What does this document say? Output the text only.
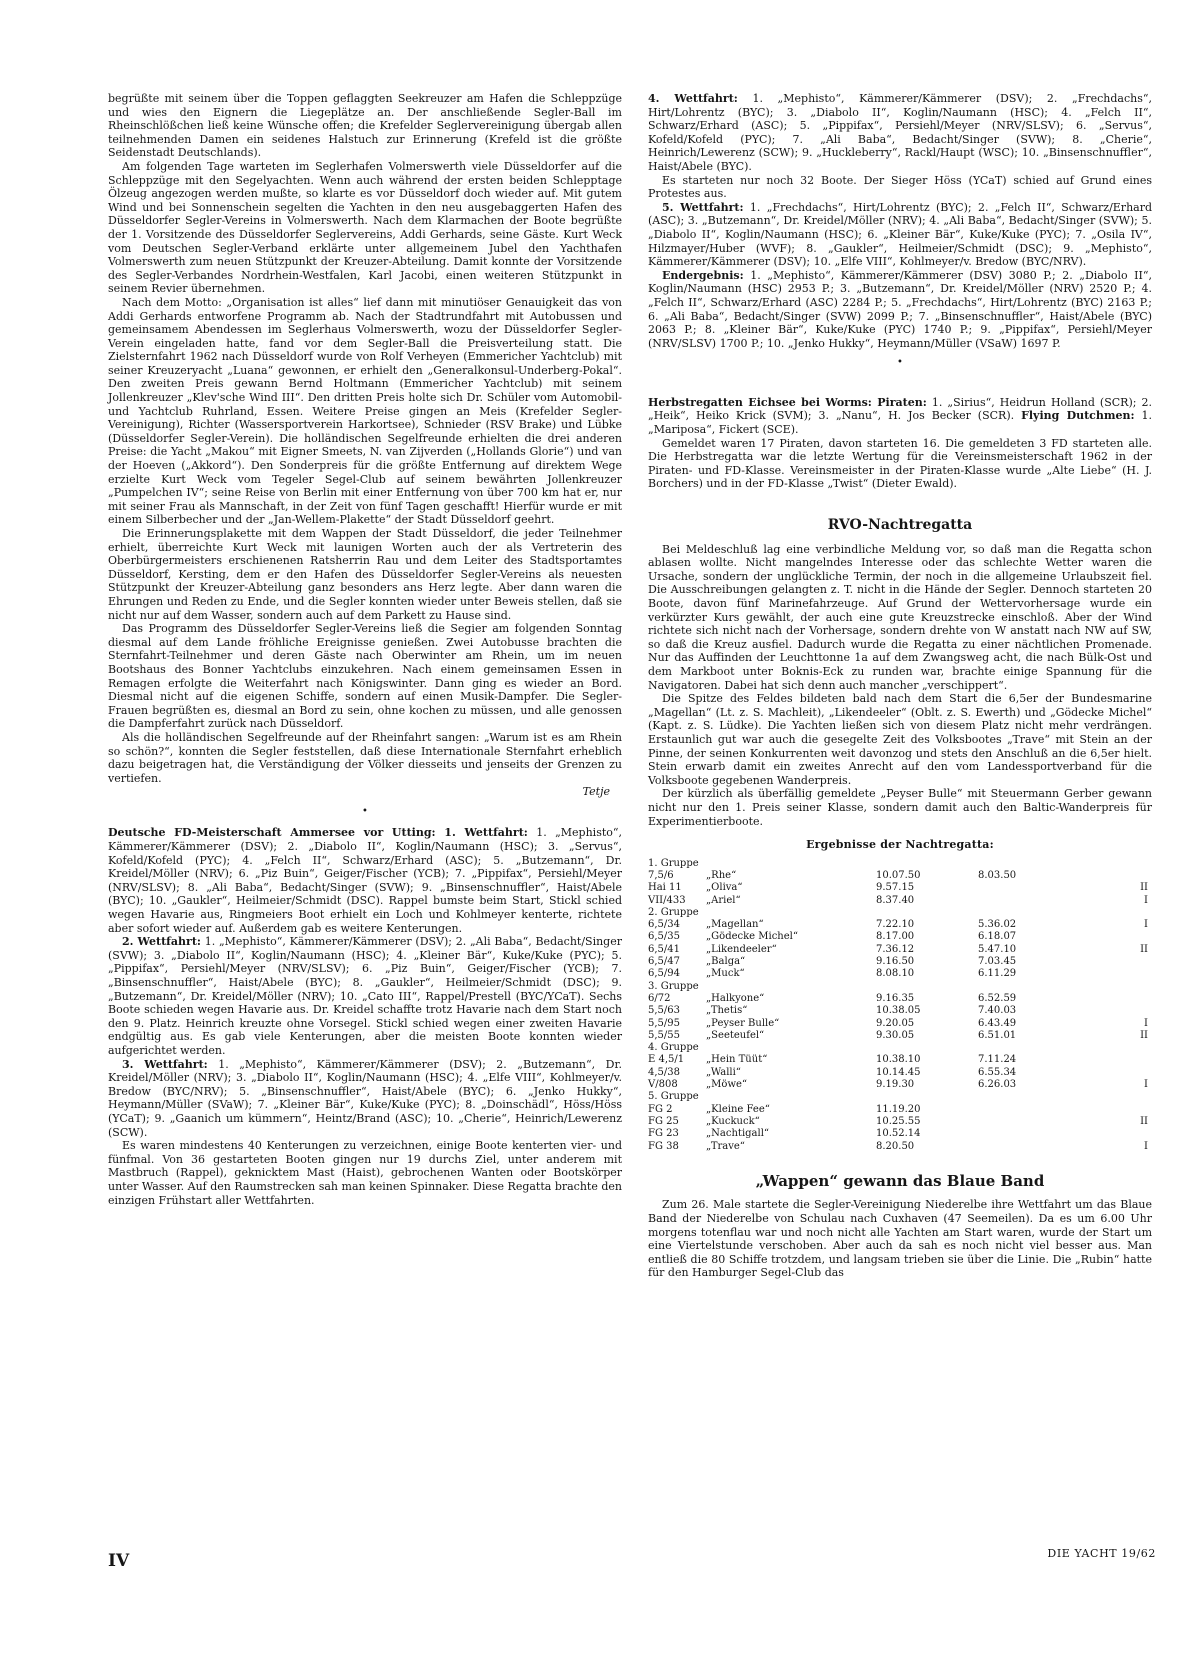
begrüßte mit seinem über die Toppen geflaggten Seekreuzer am Hafen die Schleppzüge und wies den Eignern die Liegeplätze an. Der anschließende Segler-Ball im Rheinschlößchen ließ keine Wünsche offen; die Krefelder Seglervereinigung übergab allen teilnehmenden Damen ein seidenes Halstuch zur Erinnerung (Krefeld ist die größte Seidenstadt Deutschlands).

Am folgenden Tage warteten im Seglerhafen Volmerswerth viele Düsseldorfer auf die Schleppzüge mit den Segelyachten. Wenn auch während der ersten beiden Schlepptage Ölzeug angezogen werden mußte, so klarte es vor Düsseldorf doch wieder auf. Mit gutem Wind und bei Sonnenschein segelten die Yachten in den neu ausgebaggerten Hafen des Düsseldorfer Segler-Vereins in Volmerswerth. Nach dem Klarmachen der Boote begrüßte der 1. Vorsitzende des Düsseldorfer Seglervereins, Addi Gerhards, seine Gäste. Kurt Weck vom Deutschen Segler-Verband erklärte unter allgemeinem Jubel den Yachthafen Volmerswerth zum neuen Stützpunkt der Kreuzer-Abteilung. Damit konnte der Vorsitzende des Segler-Verbandes Nordrhein-Westfalen, Karl Jacobi, einen weiteren Stützpunkt in seinem Revier übernehmen.

Nach dem Motto: „Organisation ist alles“ lief dann mit minutiöser Genauigkeit das von Addi Gerhards entworfene Programm ab. Nach der Stadtrundfahrt mit Autobussen und gemeinsamem Abendessen im Seglerhaus Volmerswerth, wozu der Düsseldorfer Segler-Verein eingeladen hatte, fand vor dem Segler-Ball die Preisverteilung statt. Die Zielsternfahrt 1962 nach Düsseldorf wurde von Rolf Verheyen (Emmericher Yachtclub) mit seiner Kreuzeryacht „Luana“ gewonnen, er erhielt den „Generalkonsul-Underberg-Pokal“. Den zweiten Preis gewann Bernd Holtmann (Emmericher Yachtclub) mit seinem Jollenkreuzer „Klev'sche Wind III“. Den dritten Preis holte sich Dr. Schüler vom Automobil- und Yachtclub Ruhrland, Essen. Weitere Preise gingen an Meis (Krefelder Segler-Vereinigung), Richter (Wassersportverein Harkortsee), Schnieder (RSV Brake) und Lübke (Düsseldorfer Segler-Verein). Die holländischen Segelfreunde erhielten die drei anderen Preise: die Yacht „Makou“ mit Eigner Smeets, N. van Zijverden („Hollands Glorie“) und van der Hoeven („Akkord“). Den Sonderpreis für die größte Entfernung auf direktem Wege erzielte Kurt Weck vom Tegeler Segel-Club auf seinem bewährten Jollenkreuzer „Pumpelchen IV“; seine Reise von Berlin mit einer Entfernung von über 700 km hat er, nur mit seiner Frau als Mannschaft, in der Zeit von fünf Tagen geschafft! Hierfür wurde er mit einem Silberbecher und der „Jan-Wellem-Plakette“ der Stadt Düsseldorf geehrt.

Die Erinnerungsplakette mit dem Wappen der Stadt Düsseldorf, die jeder Teilnehmer erhielt, überreichte Kurt Weck mit launigen Worten auch der als Vertreterin des Oberbürgermeisters erschienenen Ratsherrin Rau und dem Leiter des Stadtsportamtes Düsseldorf, Kersting, dem er den Hafen des Düsseldorfer Segler-Vereins als neuesten Stützpunkt der Kreuzer-Abteilung ganz besonders ans Herz legte. Aber dann waren die Ehrungen und Reden zu Ende, und die Segler konnten wieder unter Beweis stellen, daß sie nicht nur auf dem Wasser, sondern auch auf dem Parkett zu Hause sind.

Das Programm des Düsseldorfer Segler-Vereins ließ die Segier am folgenden Sonntag diesmal auf dem Lande fröhliche Ereignisse genießen. Zwei Autobusse brachten die Sternfahrt-Teilnehmer und deren Gäste nach Oberwinter am Rhein, um im neuen Bootshaus des Bonner Yachtclubs einzukehren. Nach einem gemeinsamen Essen in Remagen erfolgte die Weiterfahrt nach Königswinter. Dann ging es wieder an Bord. Diesmal nicht auf die eigenen Schiffe, sondern auf einen Musik-Dampfer. Die Segler-Frauen begrüßten es, diesmal an Bord zu sein, ohne kochen zu müssen, und alle genossen die Dampferfahrt zurück nach Düsseldorf.

Als die holländischen Segelfreunde auf der Rheinfahrt sangen: „Warum ist es am Rhein so schön?“, konnten die Segler feststellen, daß diese Internationale Sternfahrt erheblich dazu beigetragen hat, die Verständigung der Völker diesseits und jenseits der Grenzen zu vertiefen.

Tetje
•

Deutsche FD-Meisterschaft Ammersee vor Utting: 1. Wettfahrt: 1. „Mephisto“, Kämmerer/Kämmerer (DSV); 2. „Diabolo II“, Koglin/Naumann (HSC); 3. „Servus“, Kofeld/Kofeld (PYC); 4. „Felch II“, Schwarz/Erhard (ASC); 5. „Butzemann“, Dr. Kreidel/Möller (NRV); 6. „Piz Buin“, Geiger/Fischer (YCB); 7. „Pippifax“, Persiehl/Meyer (NRV/SLSV); 8. „Ali Baba“, Bedacht/Singer (SVW); 9. „Binsenschnuffler“, Haist/Abele (BYC); 10. „Gaukler“, Heilmeier/Schmidt (DSC). Rappel bumste beim Start, Stickl schied wegen Havarie aus, Ringmeiers Boot erhielt ein Loch und Kohlmeyer kenterte, richtete aber sofort wieder auf. Außerdem gab es weitere Kenterungen.

2. Wettfahrt: 1. „Mephisto“, Kämmerer/Kämmerer (DSV); 2. „Ali Baba“, Bedacht/Singer (SVW); 3. „Diabolo II“, Koglin/Naumann (HSC); 4. „Kleiner Bär“, Kuke/Kuke (PYC); 5. „Pippifax“, Persiehl/Meyer (NRV/SLSV); 6. „Piz Buin“, Geiger/Fischer (YCB); 7. „Binsenschnuffler“, Haist/Abele (BYC); 8. „Gaukler“, Heilmeier/Schmidt (DSC); 9. „Butzemann“, Dr. Kreidel/Möller (NRV); 10. „Cato III“, Rappel/Prestell (BYC/YCaT). Sechs Boote schieden wegen Havarie aus. Dr. Kreidel schaffte trotz Havarie nach dem Start noch den 9. Platz. Heinrich kreuzte ohne Vorsegel. Stickl schied wegen einer zweiten Havarie endgültig aus. Es gab viele Kenterungen, aber die meisten Boote konnten wieder aufgerichtet werden.

3. Wettfahrt: 1. „Mephisto“, Kämmerer/Kämmerer (DSV); 2. „Butzemann“, Dr. Kreidel/Möller (NRV); 3. „Diabolo II“, Koglin/Naumann (HSC); 4. „Elfe VIII“, Kohlmeyer/v. Bredow (BYC/NRV); 5. „Binsenschnuffler“, Haist/Abele (BYC); 6. „Jenko Hukky“, Heymann/Müller (SVaW); 7. „Kleiner Bär“, Kuke/Kuke (PYC); 8. „Doinschädl“, Höss/Höss (YCaT); 9. „Gaanich um kümmern“, Heintz/Brand (ASC); 10. „Cherie“, Heinrich/Lewerenz (SCW).

Es waren mindestens 40 Kenterungen zu verzeichnen, einige Boote kenterten vier- und fünfmal. Von 36 gestarteten Booten gingen nur 19 durchs Ziel, unter anderem mit Mastbruch (Rappel), geknicktem Mast (Haist), gebrochenen Wanten oder Bootskörper unter Wasser. Auf den Raumstrecken sah man keinen Spinnaker. Diese Regatta brachte den einzigen Frühstart aller Wettfahrten.

4. Wettfahrt: 1. „Mephisto“, Kämmerer/Kämmerer (DSV); 2. „Frechdachs“, Hirt/Lohrentz (BYC); 3. „Diabolo II“, Koglin/Naumann (HSC); 4. „Felch II“, Schwarz/Erhard (ASC); 5. „Pippifax“, Persiehl/Meyer (NRV/SLSV); 6. „Servus“, Kofeld/Kofeld (PYC); 7. „Ali Baba“, Bedacht/Singer (SVW); 8. „Cherie“, Heinrich/Lewerenz (SCW); 9. „Huckleberry“, Rackl/Haupt (WSC); 10. „Binsenschnuffler“, Haist/Abele (BYC).

Es starteten nur noch 32 Boote. Der Sieger Höss (YCaT) schied auf Grund eines Protestes aus.

5. Wettfahrt: 1. „Frechdachs“, Hirt/Lohrentz (BYC); 2. „Felch II“, Schwarz/Erhard (ASC); 3. „Butzemann“, Dr. Kreidel/Möller (NRV); 4. „Ali Baba“, Bedacht/Singer (SVW); 5. „Diabolo II“, Koglin/Naumann (HSC); 6. „Kleiner Bär“, Kuke/Kuke (PYC); 7. „Osila IV“, Hilzmayer/Huber (WVF); 8. „Gaukler“, Heilmeier/Schmidt (DSC); 9. „Mephisto“, Kämmerer/Kämmerer (DSV); 10. „Elfe VIII“, Kohlmeyer/v. Bredow (BYC/NRV).

Endergebnis: 1. „Mephisto“, Kämmerer/Kämmerer (DSV) 3080 P.; 2. „Diabolo II“, Koglin/Naumann (HSC) 2953 P.; 3. „Butzemann“, Dr. Kreidel/Möller (NRV) 2520 P.; 4. „Felch II“, Schwarz/Erhard (ASC) 2284 P.; 5. „Frechdachs“, Hirt/Lohrentz (BYC) 2163 P.; 6. „Ali Baba“, Bedacht/Singer (SVW) 2099 P.; 7. „Binsenschnuffler“, Haist/Abele (BYC) 2063 P.; 8. „Kleiner Bär“, Kuke/Kuke (PYC) 1740 P.; 9. „Pippifax“, Persiehl/Meyer (NRV/SLSV) 1700 P.; 10. „Jenko Hukky“, Heymann/Müller (VSaW) 1697 P.

•

Herbstregatten Eichsee bei Worms: Piraten: 1. „Sirius“, Heidrun Holland (SCR); 2. „Heik“, Heiko Krick (SVM); 3. „Nanu“, H. Jos Becker (SCR). Flying Dutchmen: 1. „Mariposa“, Fickert (SCE).

Gemeldet waren 17 Piraten, davon starteten 16. Die gemeldeten 3 FD starteten alle. Die Herbstregatta war die letzte Wertung für die Vereinsmeisterschaft 1962 in der Piraten- und FD-Klasse. Vereinsmeister in der Piraten-Klasse wurde „Alte Liebe“ (H. J. Borchers) und in der FD-Klasse „Twist“ (Dieter Ewald).

RVO-Nachtregatta

Bei Meldeschluß lag eine verbindliche Meldung vor, so daß man die Regatta schon ablasen wollte. Nicht mangelndes Interesse oder das schlechte Wetter waren die Ursache, sondern der unglückliche Termin, der noch in die allgemeine Urlaubszeit fiel. Die Ausschreibungen gelangten z. T. nicht in die Hände der Segler. Dennoch starteten 20 Boote, davon fünf Marinefahrzeuge. Auf Grund der Wettervorhersage wurde ein verkürzter Kurs gewählt, der auch eine gute Kreuzstrecke einschloß. Aber der Wind richtete sich nicht nach der Vorhersage, sondern drehte von W anstatt nach NW auf SW, so daß die Kreuz ausfiel. Dadurch wurde die Regatta zu einer nächtlichen Promenade. Nur das Auffinden der Leuchttonne 1a auf dem Zwangsweg acht, die nach Bülk-Ost und dem Markboot unter Boknis-Eck zu runden war, brachte einige Spannung für die Navigatoren. Dabei hat sich denn auch mancher „verschippert“.

Die Spitze des Feldes bildeten bald nach dem Start die 6,5er der Bundesmarine „Magellan“ (Lt. z. S. Machleit), „Likendeeler“ (Oblt. z. S. Ewerth) und „Gödecke Michel“ (Kapt. z. S. Lüdke). Die Yachten ließen sich von diesem Platz nicht mehr verdrängen. Erstaunlich gut war auch die gesegelte Zeit des Volksbootes „Trave“ mit Stein an der Pinne, der seinen Konkurrenten weit davonzog und stets den Anschluß an die 6,5er hielt. Stein erwarb damit ein zweites Anrecht auf den vom Landessportverband für die Volksboote gegebenen Wanderpreis.

Der kürzlich als überfällig gemeldete „Peyser Bulle“ mit Steuermann Gerber gewann nicht nur den 1. Preis seiner Klasse, sondern damit auch den Baltic-Wanderpreis für Experimentierboote.

Ergebnisse der Nachtregatta:
1. Gruppe				
7,5/6	„Rhe“	10.07.50	8.03.50	
Hai 11	„Oliva“	9.57.15		II
VII/433	„Ariel“	8.37.40		I
2. Gruppe				
6,5/34	„Magellan“	7.22.10	5.36.02	I
6,5/35	„Gödecke Michel“	8.17.00	6.18.07	
6,5/41	„Likendeeler“	7.36.12	5.47.10	II
6,5/47	„Balga“	9.16.50	7.03.45	
6,5/94	„Muck“	8.08.10	6.11.29	
3. Gruppe				
6/72	„Halkyone“	9.16.35	6.52.59	
5,5/63	„Thetis“	10.38.05	7.40.03	
5,5/95	„Peyser Bulle“	9.20.05	6.43.49	I
5,5/55	„Seeteufel“	9.30.05	6.51.01	II
4. Gruppe				
E 4,5/1	„Hein Tüüt“	10.38.10	7.11.24	
4,5/38	„Walli“	10.14.45	6.55.34	
V/808	„Möwe“	9.19.30	6.26.03	I
5. Gruppe				
FG 2	„Kleine Fee“	11.19.20		
FG 25	„Kuckuck“	10.25.55		II
FG 23	„Nachtigall“	10.52.14		
FG 38	„Trave“	8.20.50		I
„Wappen“ gewann das Blaue Band

Zum 26. Male startete die Segler-Vereinigung Niederelbe ihre Wettfahrt um das Blaue Band der Niederelbe von Schulau nach Cuxhaven (47 Seemeilen). Da es um 6.00 Uhr morgens totenflau war und noch nicht alle Yachten am Start waren, wurde der Start um eine Viertelstunde verschoben. Aber auch da sah es noch nicht viel besser aus. Man entließ die 80 Schiffe trotzdem, und langsam trieben sie über die Linie. Die „Rubin“ hatte für den Hamburger Segel-Club das

IV	DIE YACHT 19/62
